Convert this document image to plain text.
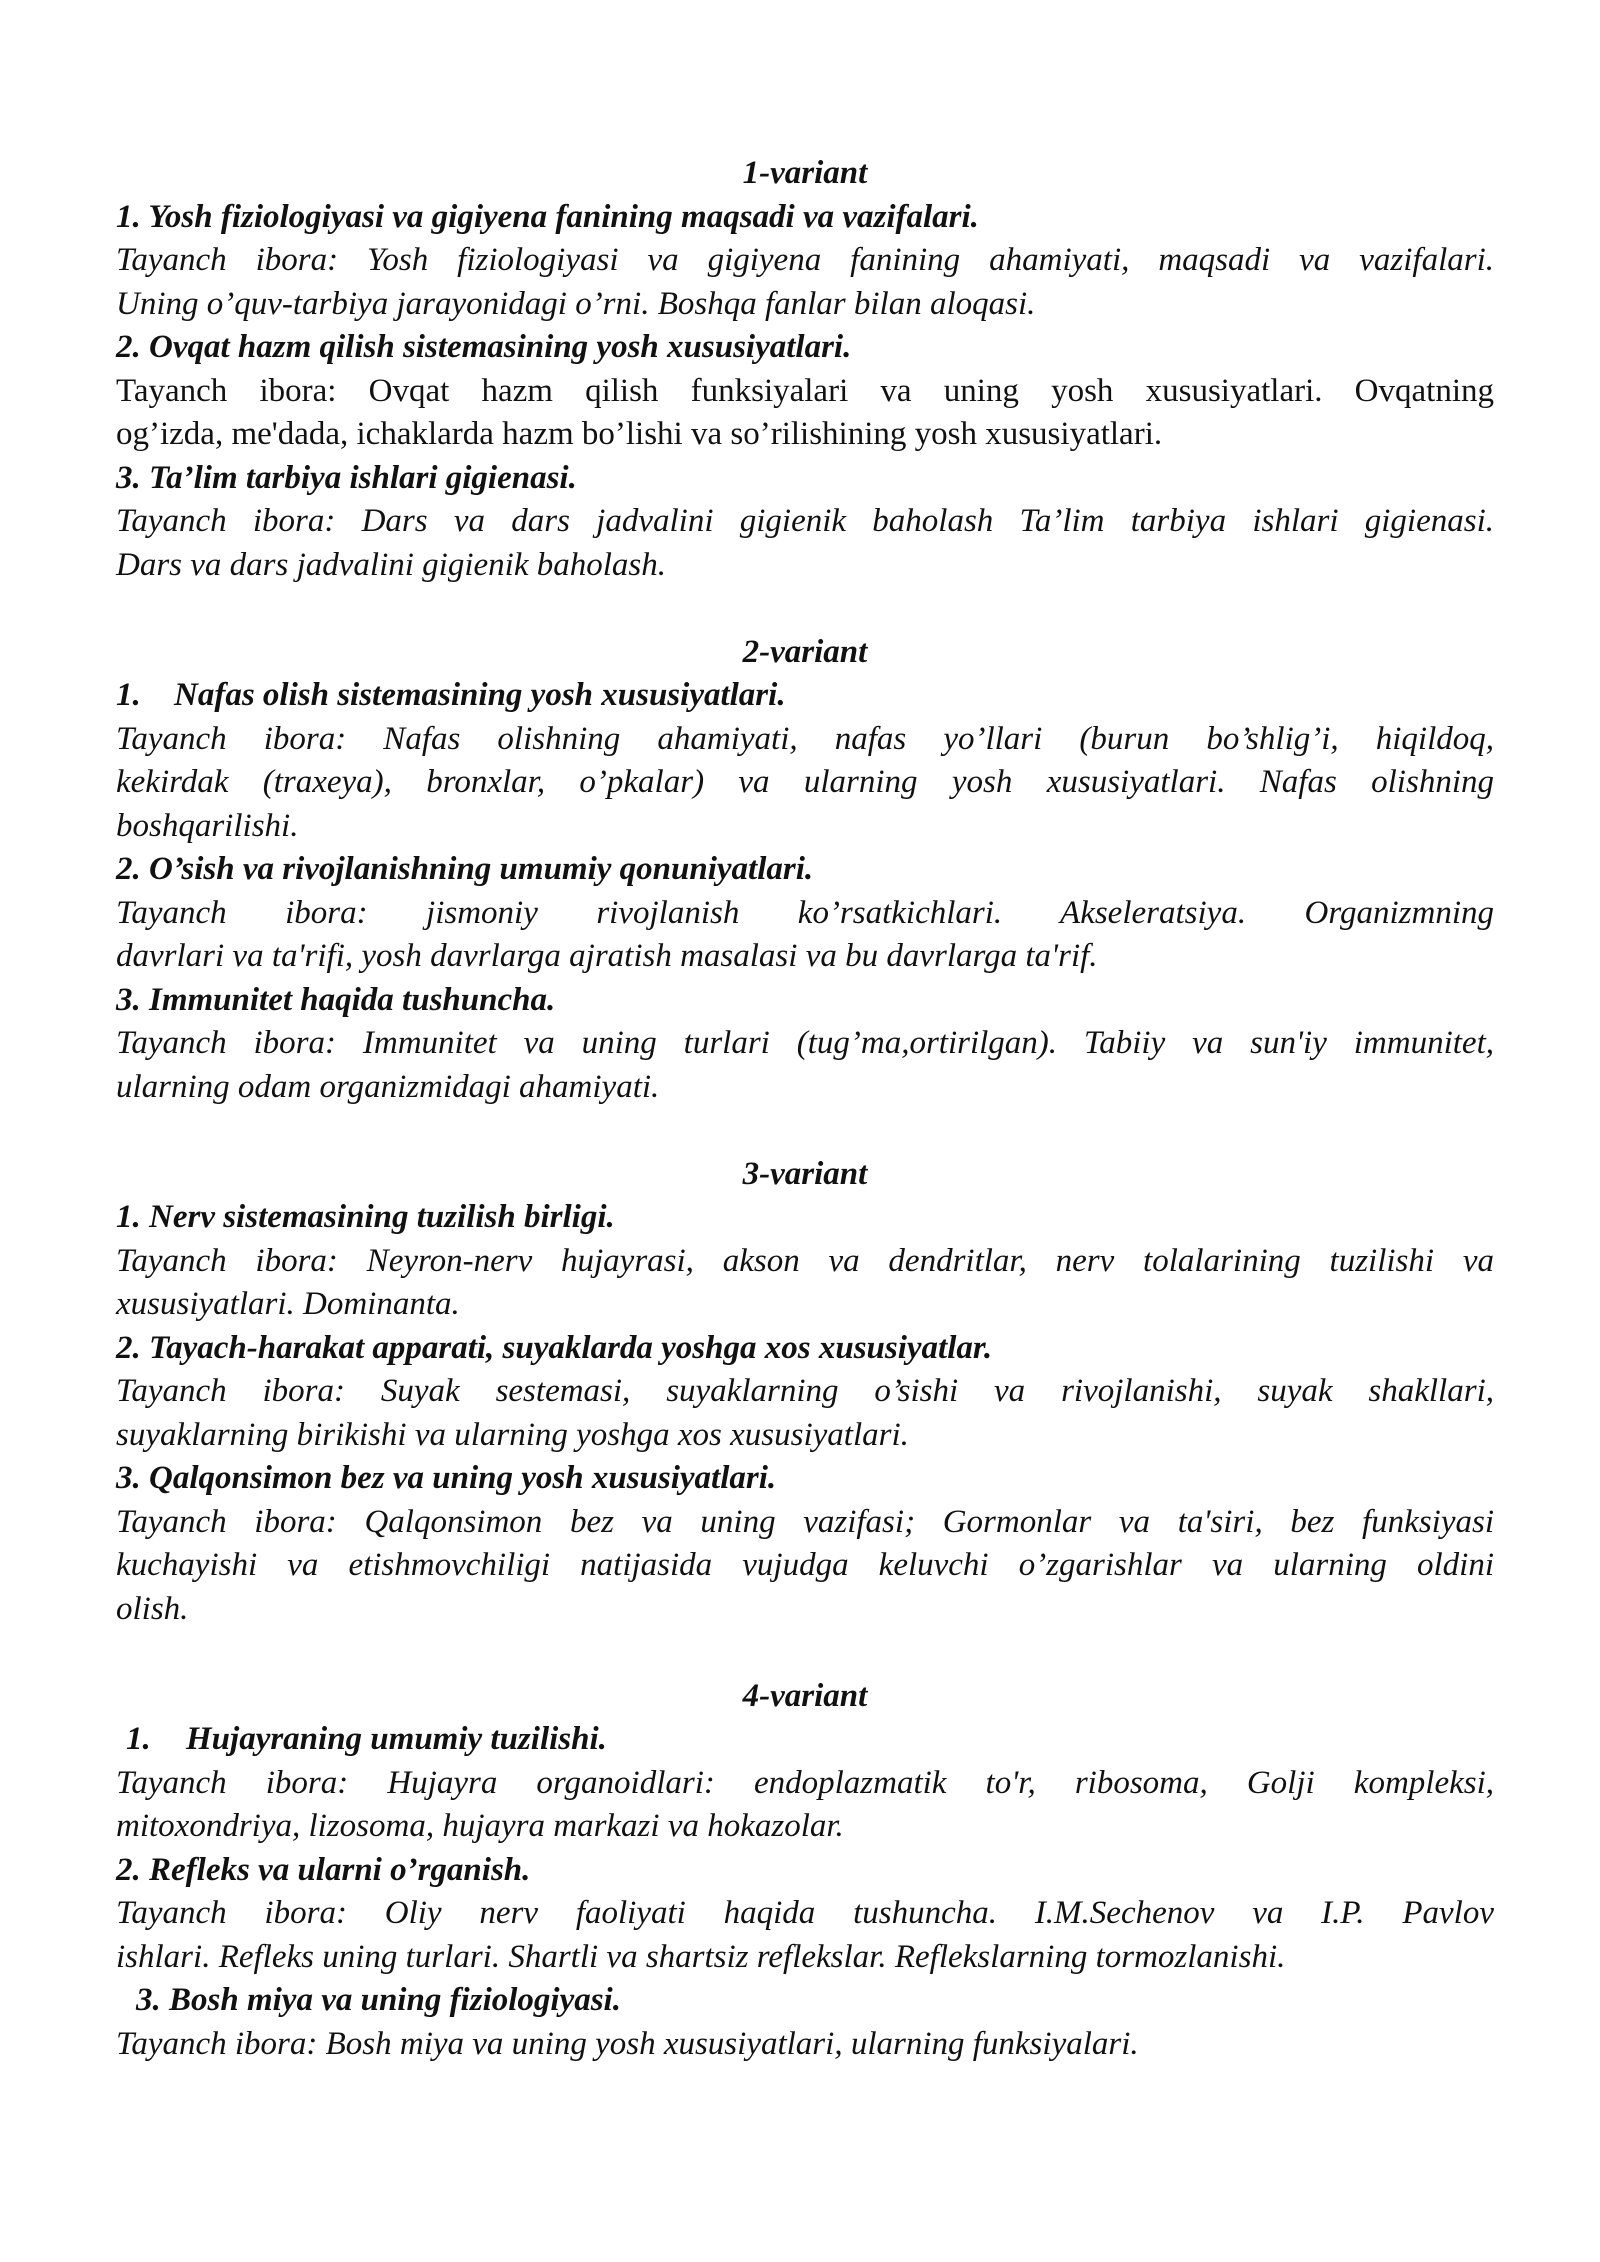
1-variant

1. Yosh fiziologiyasi va gigiyena fanining maqsadi va vazifalari.

Tayanch ibora: Yosh fiziologiyasi va gigiyena fanining ahamiyati, maqsadi va vazifalari.

Uning o’quv-tarbiya jarayonidagi o’rni. Boshqa fanlar bilan aloqasi.

2. Ovqat hazm qilish sistemasining yosh xususiyatlari.

Tayanch ibora: Ovqat hazm qilish funksiyalari va uning yosh xususiyatlari. Ovqatning

og’izda, me'dada, ichaklarda hazm bo’lishi va so’rilishining yosh xususiyatlari.

3. Ta’lim tarbiya ishlari gigienasi.

Tayanch ibora: Dars va dars jadvalini gigienik baholash Ta’lim tarbiya ishlari gigienasi.

Dars va dars jadvalini gigienik baholash.

2-variant

1. Nafas olish sistemasining yosh xususiyatlari.

Tayanch ibora: Nafas olishning ahamiyati, nafas yo’llari (burun bo’shlig’i, hiqildoq,

kekirdak (traxeya), bronxlar, o’pkalar) va ularning yosh xususiyatlari. Nafas olishning

boshqarilishi.

2. O’sish va rivojlanishning umumiy qonuniyatlari.

Tayanch ibora: jismoniy rivojlanish ko’rsatkichlari. Akseleratsiya. Organizmning

davrlari va ta'rifi, yosh davrlarga ajratish masalasi va bu davrlarga ta'rif.

3. Immunitet haqida tushuncha.

Tayanch ibora: Immunitet va uning turlari (tug’ma,ortirilgan). Tabiiy va sun'iy immunitet,

ularning odam organizmidagi ahamiyati.

3-variant

1. Nerv sistemasining tuzilish birligi.

Tayanch ibora: Neyron-nerv hujayrasi, akson va dendritlar, nerv tolalarining tuzilishi va

xususiyatlari. Dominanta.

2. Tayach-harakat apparati, suyaklarda yoshga xos xususiyatlar.

Tayanch ibora: Suyak sestemasi, suyaklarning o’sishi va rivojlanishi, suyak shakllari,

suyaklarning birikishi va ularning yoshga xos xususiyatlari.

3. Qalqonsimon bez va uning yosh xususiyatlari.

Tayanch ibora: Qalqonsimon bez va uning vazifasi; Gormonlar va ta'siri, bez funksiyasi

kuchayishi va etishmovchiligi natijasida vujudga keluvchi o’zgarishlar va ularning oldini

olish.

4-variant

1. Hujayraning umumiy tuzilishi.

Tayanch ibora: Hujayra organoidlari: endoplazmatik to'r, ribosoma, Golji kompleksi,

mitoxondriya, lizosoma, hujayra markazi va hokazolar.

2. Refleks va ularni o’rganish.

Tayanch ibora: Oliy nerv faoliyati haqida tushuncha. I.M.Sechenov va I.P. Pavlov

ishlari. Refleks uning turlari. Shartli va shartsiz reflekslar. Reflekslarning tormozlanishi.

3. Bosh miya va uning fiziologiyasi.

Tayanch ibora: Bosh miya va uning yosh xususiyatlari, ularning funksiyalari.
